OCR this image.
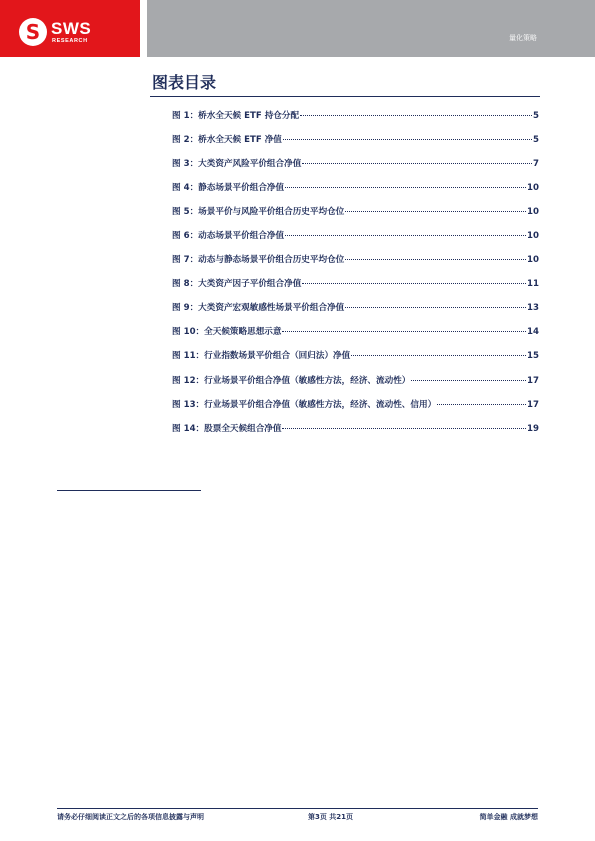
S SWS
RESEARCH	量化策略
图表目录
图 1：桥水全天候 ETF 持仓分配	5
图 2：桥水全天候 ETF 净值	5
图 3：大类资产风险平价组合净值	7
图 4：静态场景平价组合净值	10
图 5：场景平价与风险平价组合历史平均仓位	10
图 6：动态场景平价组合净值	10
图 7：动态与静态场景平价组合历史平均仓位	10
图 8：大类资产因子平价组合净值	11
图 9：大类资产宏观敏感性场景平价组合净值	13
图 10：全天候策略思想示意	14
图 11：行业指数场景平价组合（回归法）净值	15
图 12：行业场景平价组合净值（敏感性方法，经济、流动性）	17
图 13：行业场景平价组合净值（敏感性方法，经济、流动性、信用）	17
图 14：股票全天候组合净值	19
请务必仔细阅读正文之后的各项信息披露与声明	第3页 共21页	简单金融 成就梦想
